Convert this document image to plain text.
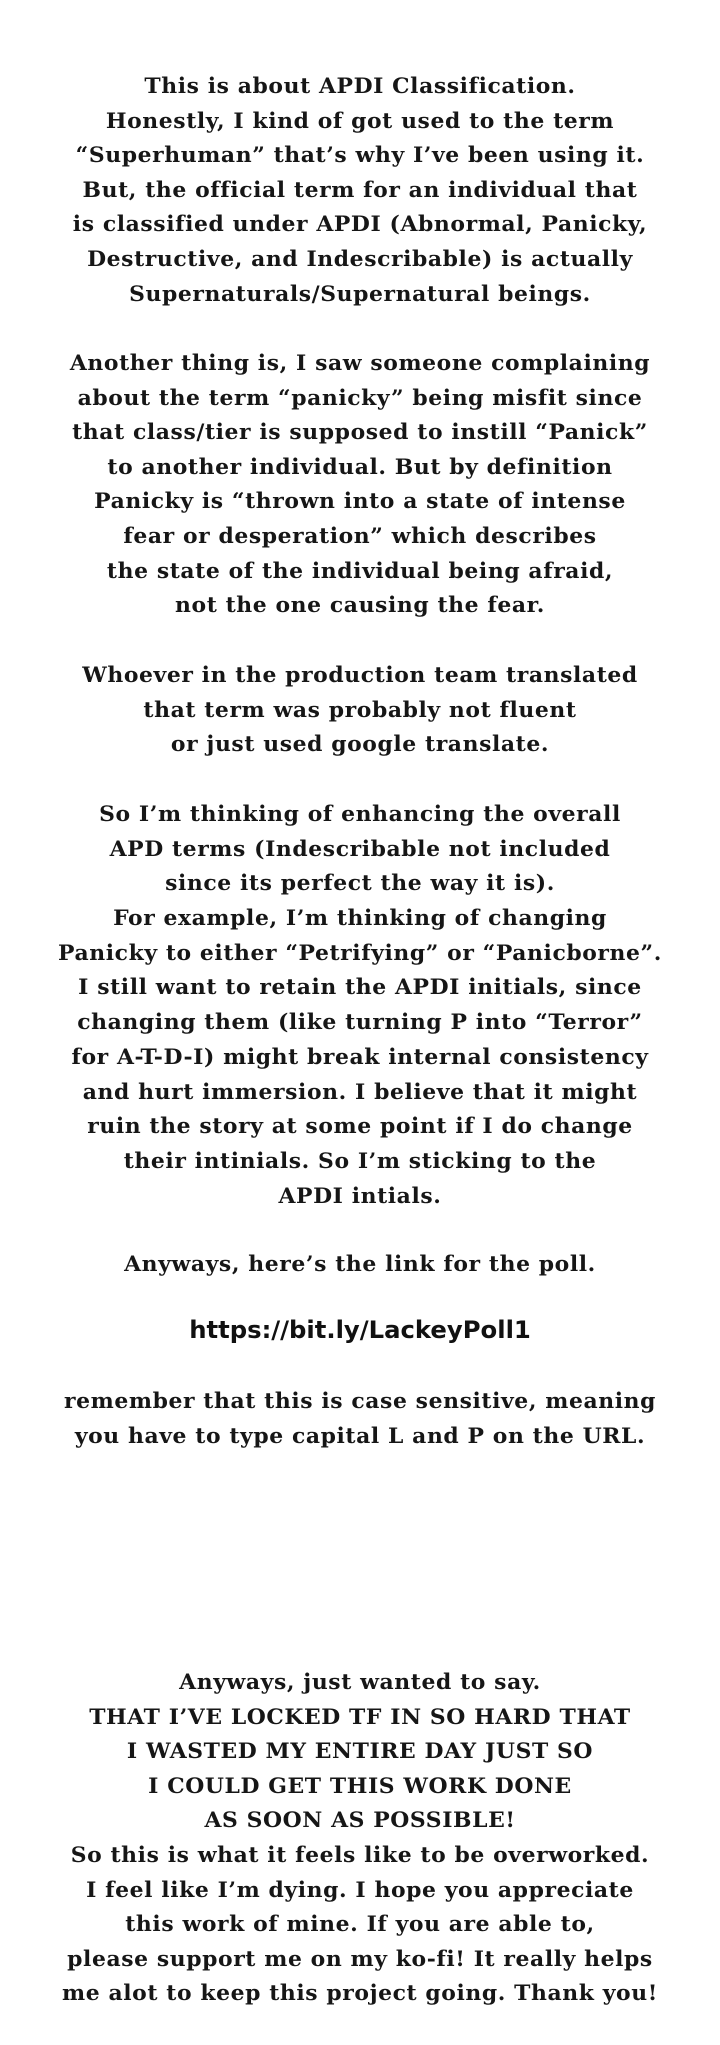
This is about APDI Classification.
Honestly, I kind of got used to the term
“Superhuman” that’s why I’ve been using it.
But, the official term for an individual that
is classified under APDI (Abnormal, Panicky,
Destructive, and Indescribable) is actually
Supernaturals/Supernatural beings.
Another thing is, I saw someone complaining
about the term “panicky” being misfit since
that class/tier is supposed to instill “Panick”
to another individual. But by definition
Panicky is “thrown into a state of intense
fear or desperation” which describes
the state of the individual being afraid,
not the one causing the fear.
Whoever in the production team translated
that term was probably not fluent
or just used google translate.
So I’m thinking of enhancing the overall
APD terms (Indescribable not included
since its perfect the way it is).
For example, I’m thinking of changing
Panicky to either “Petrifying” or “Panicborne”.
I still want to retain the APDI initials, since
changing them (like turning P into “Terror”
for A-T-D-I) might break internal consistency
and hurt immersion. I believe that it might
ruin the story at some point if I do change
their intinials. So I’m sticking to the
APDI intials.
Anyways, here’s the link for the poll.
https://bit.ly/LackeyPoll1
remember that this is case sensitive, meaning
you have to type capital L and P on the URL.
Anyways, just wanted to say.
THAT I’VE LOCKED TF IN SO HARD THAT
I WASTED MY ENTIRE DAY JUST SO
I COULD GET THIS WORK DONE
AS SOON AS POSSIBLE!
So this is what it feels like to be overworked.
I feel like I’m dying. I hope you appreciate
this work of mine. If you are able to,
please support me on my ko-fi! It really helps
me alot to keep this project going. Thank you!
